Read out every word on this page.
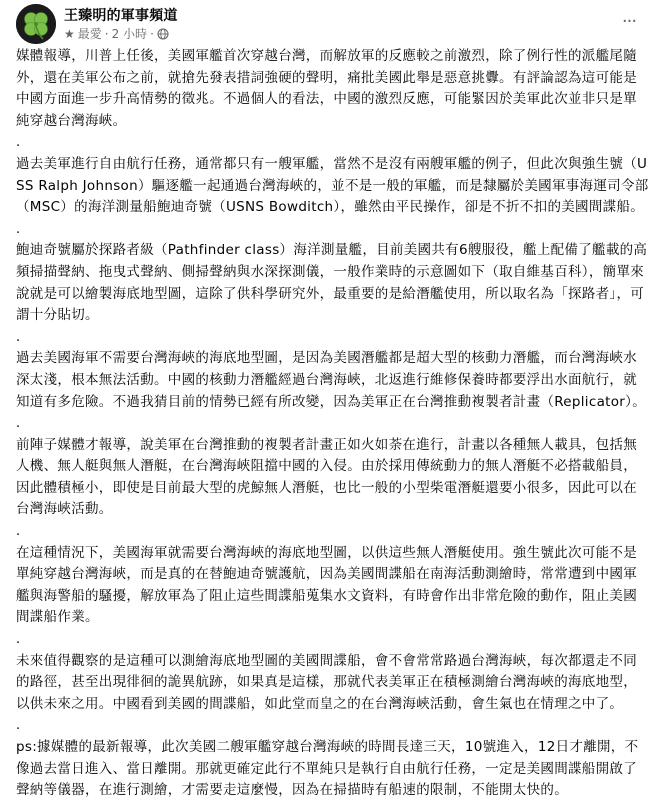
王臻明的軍事頻道
★ 最愛 · 2 小時 ·
···

媒體報導，川普上任後，美國軍艦首次穿越台灣，而解放軍的反應較之前激烈，除了例行性的派艦尾隨外，還在美軍公布之前，就搶先發表措詞強硬的聲明，痛批美國此舉是惡意挑釁。有評論認為這可能是中國方面進一步升高情勢的徵兆。不過個人的看法，中國的激烈反應，可能緊因於美軍此次並非只是單純穿越台灣海峽。

.

過去美軍進行自由航行任務，通常都只有一艘軍艦，當然不是沒有兩艘軍艦的例子，但此次與強生號（USS Ralph Johnson）驅逐艦一起通過台灣海峽的，並不是一般的軍艦，而是隸屬於美國軍事海運司令部（MSC）的海洋測量船鮑迪奇號（USNS Bowditch），雖然由平民操作，卻是不折不扣的美國間諜船。

.

鮑迪奇號屬於探路者級（Pathfinder class）海洋測量艦，目前美國共有6艘服役，艦上配備了艦載的高頻掃描聲納、拖曳式聲納、側掃聲納與水深探測儀，一般作業時的示意圖如下（取自維基百科），簡單來說就是可以繪製海底地型圖，這除了供科學研究外，最重要的是給潛艦使用，所以取名為「探路者」，可謂十分貼切。

.

過去美國海軍不需要台灣海峽的海底地型圖，是因為美國潛艦都是超大型的核動力潛艦，而台灣海峽水深太淺，根本無法活動。中國的核動力潛艦經過台灣海峽，北返進行維修保養時都要浮出水面航行，就知道有多危險。不過我猜目前的情勢已經有所改變，因為美軍正在台灣推動複製者計畫（Replicator）。

.

前陣子媒體才報導，說美軍在台灣推動的複製者計畫正如火如荼在進行，計畫以各種無人載具，包括無人機、無人艇與無人潛艇，在台灣海峽阻擋中國的入侵。由於採用傳統動力的無人潛艇不必搭載船員，因此體積極小，即使是目前最大型的虎鯨無人潛艇，也比一般的小型柴電潛艇還要小很多，因此可以在台灣海峽活動。

.

在這種情況下，美國海軍就需要台灣海峽的海底地型圖，以供這些無人潛艇使用。強生號此次可能不是單純穿越台灣海峽，而是真的在替鮑迪奇號護航，因為美國間諜船在南海活動測繪時，常常遭到中國軍艦與海警船的騷擾，解放軍為了阻止這些間諜船蒐集水文資料，有時會作出非常危險的動作，阻止美國間諜船作業。

.

未來值得觀察的是這種可以測繪海底地型圖的美國間諜船，會不會常常路過台灣海峽，每次都還走不同的路徑，甚至出現徘徊的詭異航跡，如果真是這樣，那就代表美軍正在積極測繪台灣海峽的海底地型，以供未來之用。中國看到美國的間諜船，如此堂而皇之的在台灣海峽活動，會生氣也在情理之中了。

.

ps:據媒體的最新報導，此次美國二艘軍艦穿越台灣海峽的時間長達三天，10號進入，12日才離開，不像過去當日進入、當日離開。那就更確定此行不單純只是執行自由航行任務，一定是美國間諜船開啟了聲納等儀器，在進行測繪，才需要走這麼慢，因為在掃描時有船速的限制，不能開太快的。
